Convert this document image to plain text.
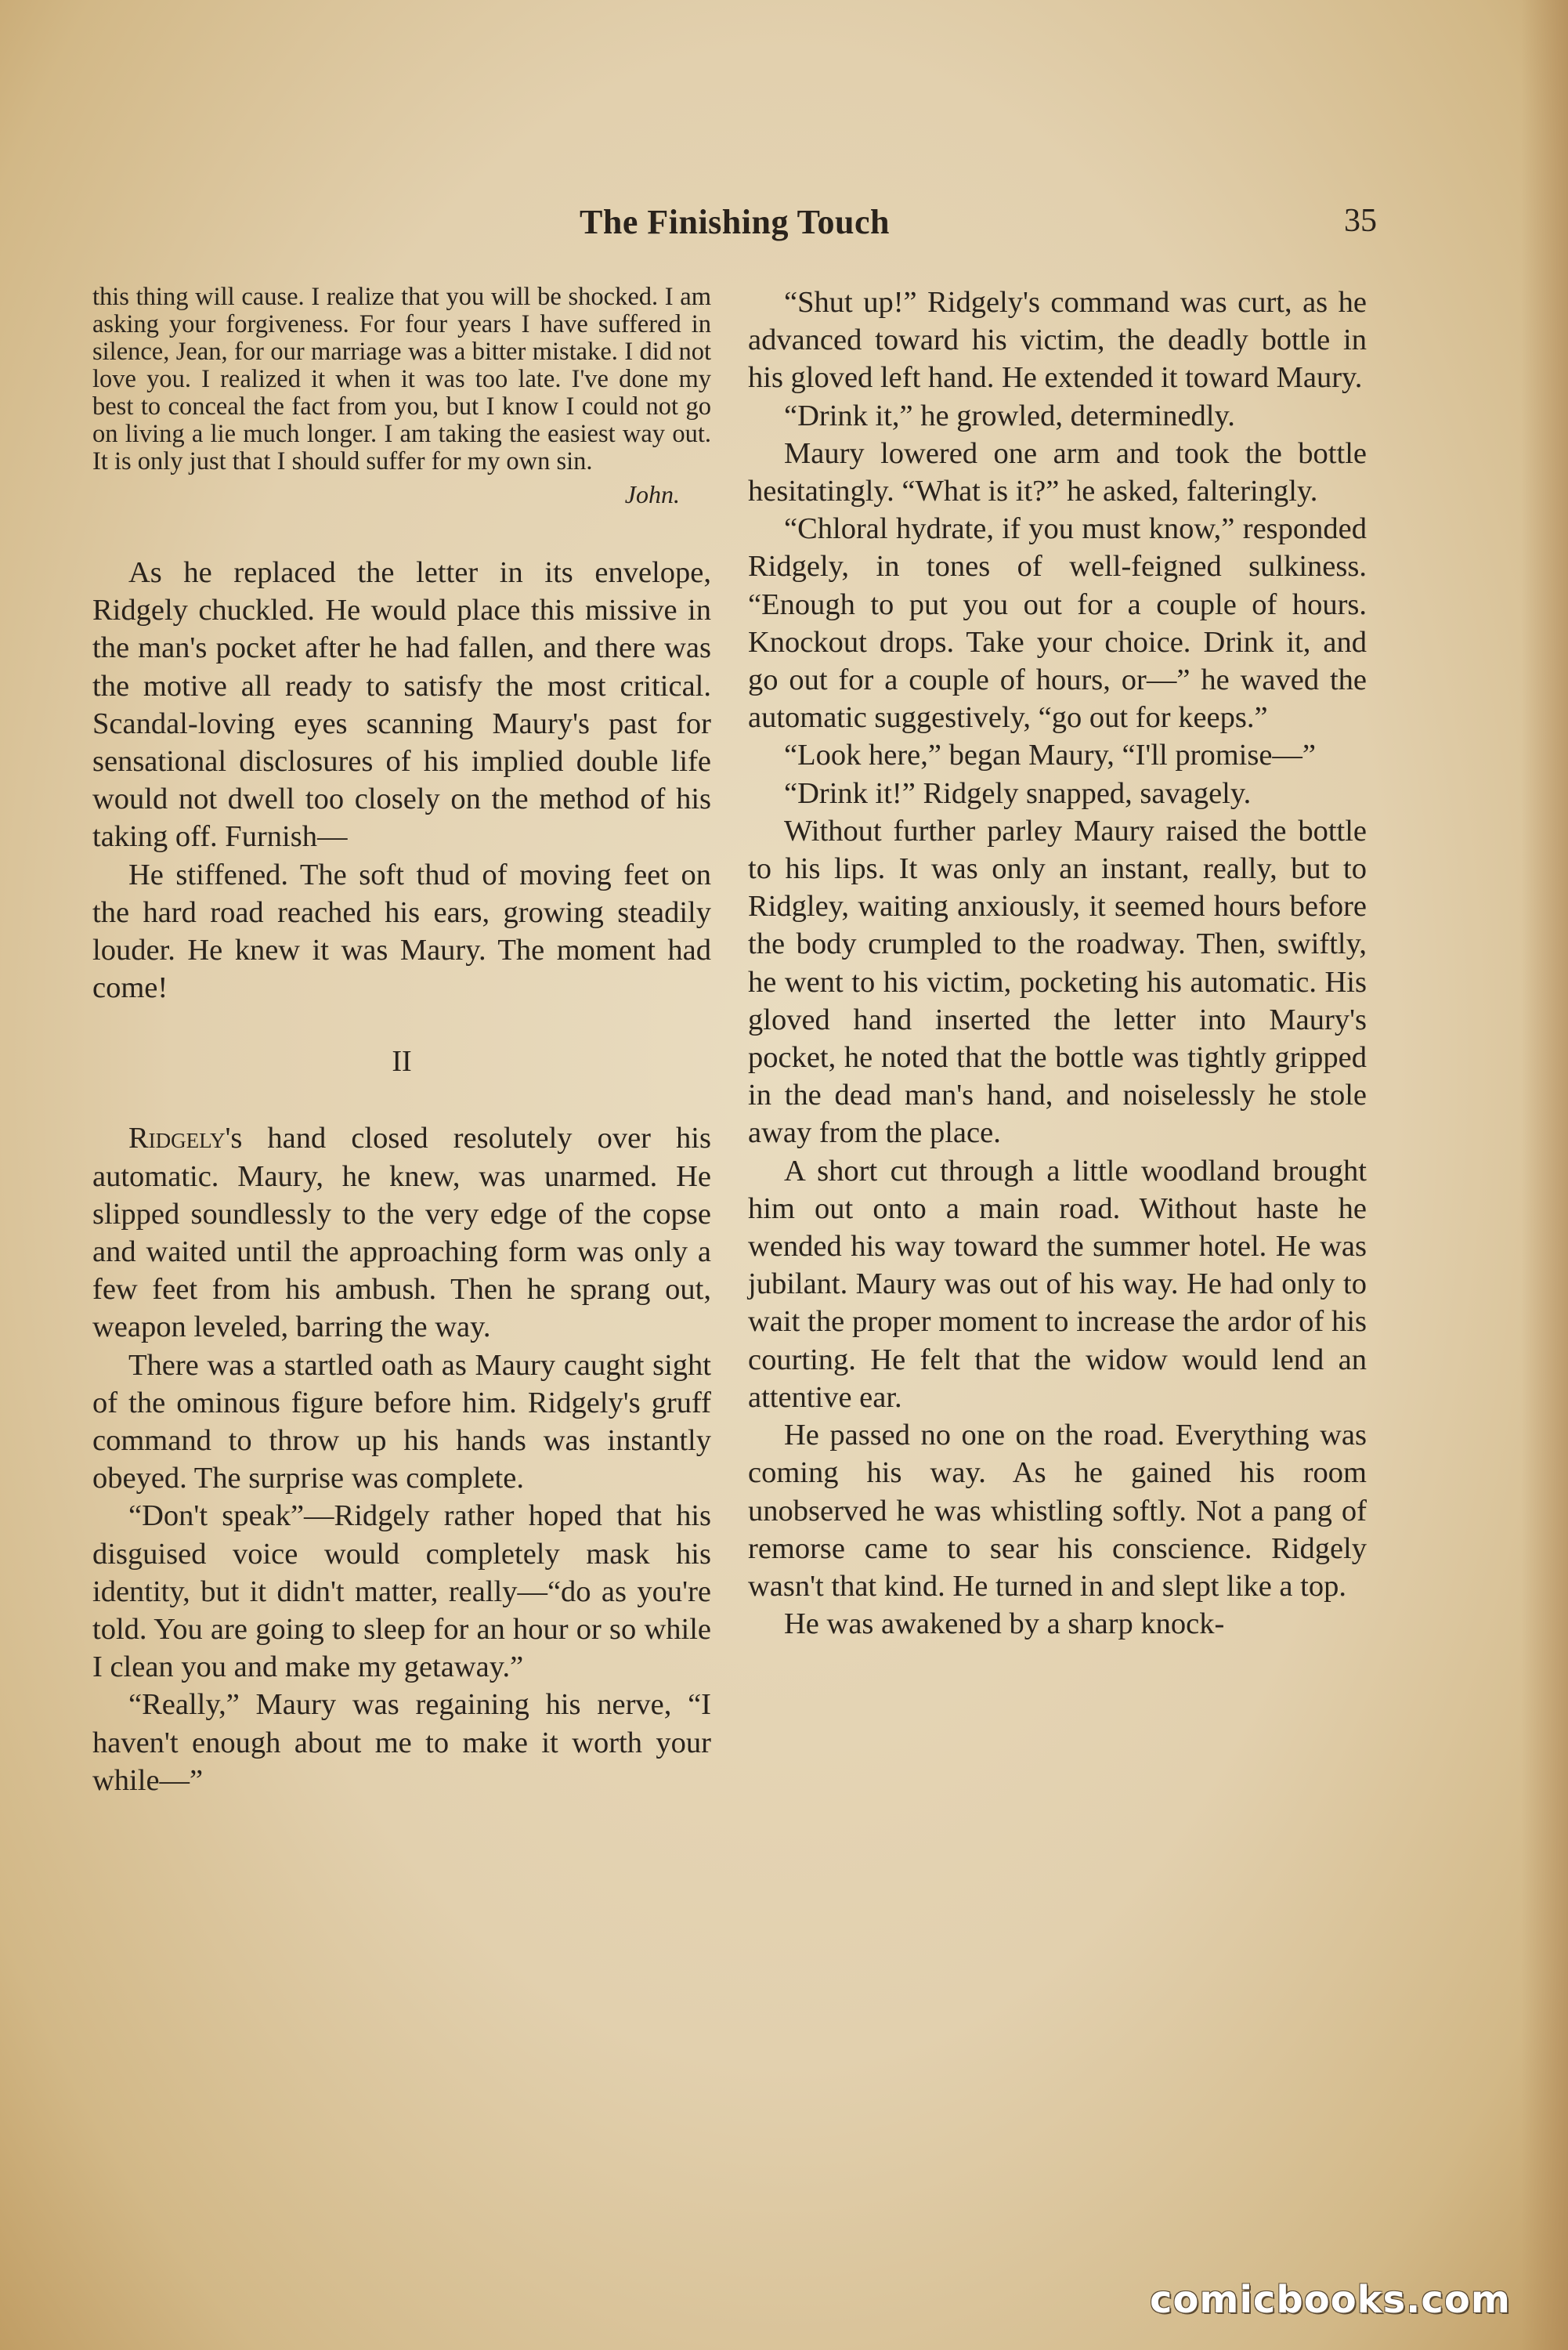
The Finishing Touch	35

this thing will cause. I realize that you will be shocked. I am asking your forgiveness. For four years I have suffered in silence, Jean, for our marriage was a bitter mistake. I did not love you. I realized it when it was too late. I've done my best to conceal the fact from you, but I know I could not go on living a lie much longer. I am taking the easiest way out. It is only just that I should suffer for my own sin.

John.

As he replaced the letter in its envelope, Ridgely chuckled. He would place this missive in the man's pocket after he had fallen, and there was the motive all ready to satisfy the most critical. Scandal-loving eyes scanning Maury's past for sensational disclosures of his implied double life would not dwell too closely on the method of his taking off. Furnish—

He stiffened. The soft thud of moving feet on the hard road reached his ears, growing steadily louder. He knew it was Maury. The moment had come!

II

Ridgely's hand closed resolutely over his automatic. Maury, he knew, was unarmed. He slipped soundlessly to the very edge of the copse and waited until the approaching form was only a few feet from his ambush. Then he sprang out, weapon leveled, barring the way.

There was a startled oath as Maury caught sight of the ominous figure before him. Ridgely's gruff command to throw up his hands was instantly obeyed. The surprise was complete.

“Don't speak”—Ridgely rather hoped that his disguised voice would completely mask his identity, but it didn't matter, really—“do as you're told. You are going to sleep for an hour or so while I clean you and make my getaway.”

“Really,” Maury was regaining his nerve, “I haven't enough about me to make it worth your while—”

“Shut up!” Ridgely's command was curt, as he advanced toward his victim, the deadly bottle in his gloved left hand. He extended it toward Maury.

“Drink it,” he growled, determinedly.

Maury lowered one arm and took the bottle hesitatingly. “What is it?” he asked, falteringly.

“Chloral hydrate, if you must know,” responded Ridgely, in tones of well-feigned sulkiness. “Enough to put you out for a couple of hours. Knockout drops. Take your choice. Drink it, and go out for a couple of hours, or—” he waved the automatic suggestively, “go out for keeps.”

“Look here,” began Maury, “I'll promise—”

“Drink it!” Ridgely snapped, savagely.

Without further parley Maury raised the bottle to his lips. It was only an instant, really, but to Ridgley, waiting anxiously, it seemed hours before the body crumpled to the roadway. Then, swiftly, he went to his victim, pocketing his automatic. His gloved hand inserted the letter into Maury's pocket, he noted that the bottle was tightly gripped in the dead man's hand, and noiselessly he stole away from the place.

A short cut through a little woodland brought him out onto a main road. Without haste he wended his way toward the summer hotel. He was jubilant. Maury was out of his way. He had only to wait the proper moment to increase the ardor of his courting. He felt that the widow would lend an attentive ear.

He passed no one on the road. Everything was coming his way. As he gained his room unobserved he was whistling softly. Not a pang of remorse came to sear his conscience. Ridgely wasn't that kind. He turned in and slept like a top.

He was awakened by a sharp knock-

comicbooks.com
